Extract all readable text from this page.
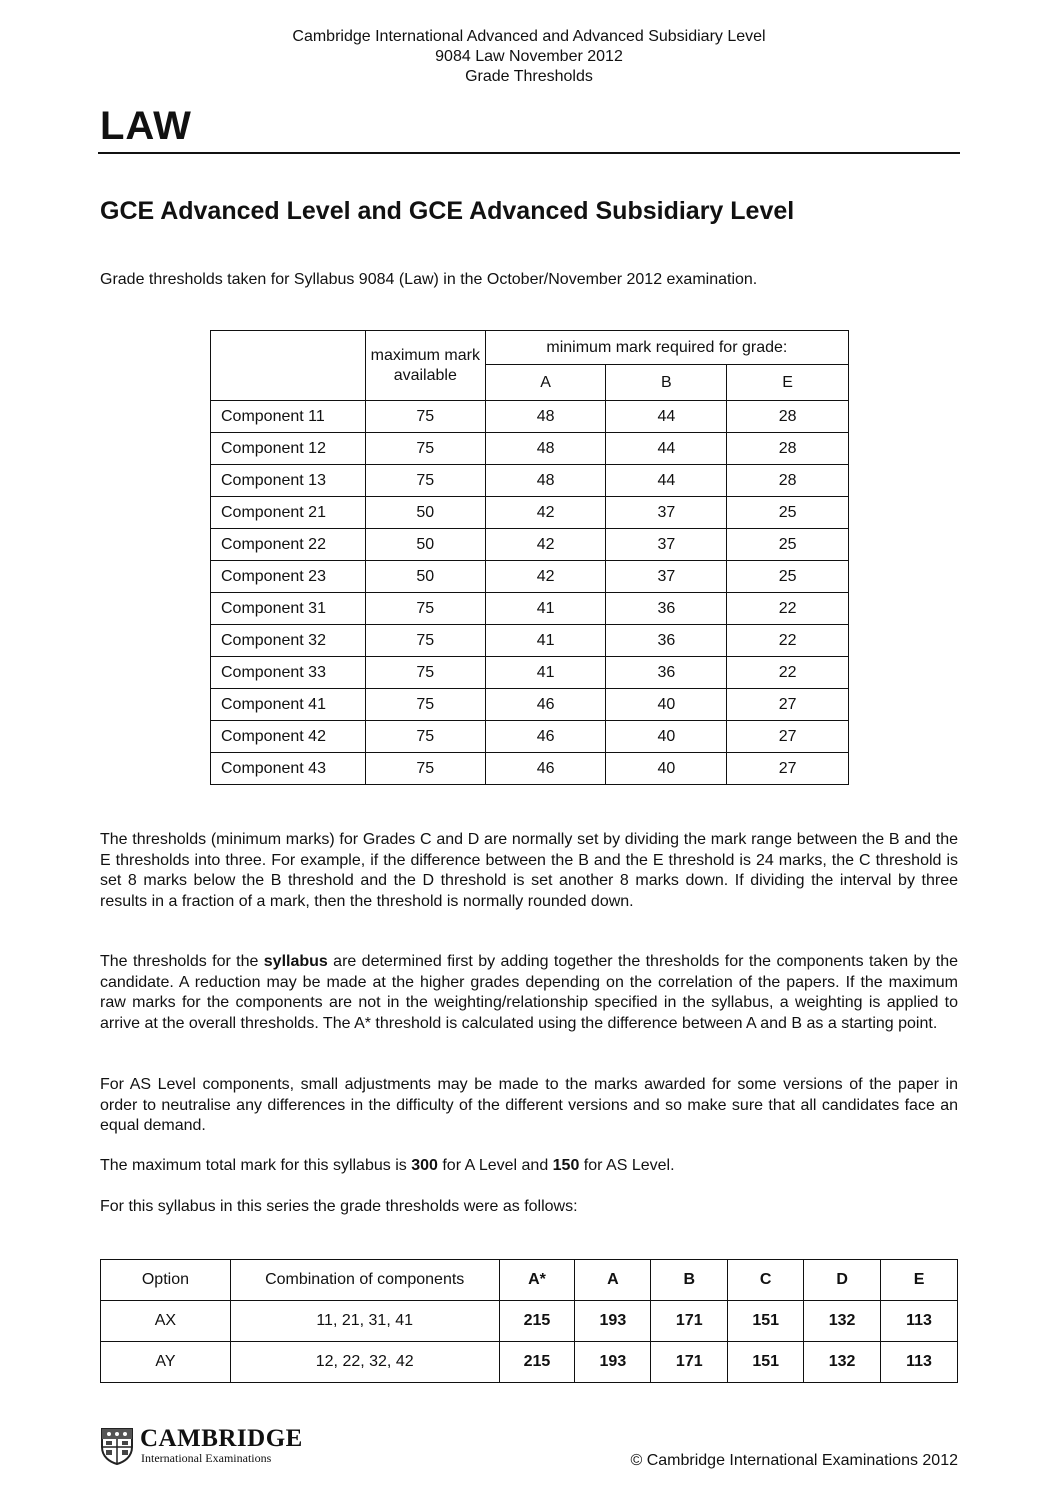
Cambridge International Advanced and Advanced Subsidiary Level
9084 Law November 2012
Grade Thresholds
LAW
GCE Advanced Level and GCE Advanced Subsidiary Level
Grade thresholds taken for Syllabus 9084 (Law) in the October/November 2012 examination.
	maximum mark available	minimum mark required for grade:		
		A	B	E
Component 11	75	48	44	28
Component 12	75	48	44	28
Component 13	75	48	44	28
Component 21	50	42	37	25
Component 22	50	42	37	25
Component 23	50	42	37	25
Component 31	75	41	36	22
Component 32	75	41	36	22
Component 33	75	41	36	22
Component 41	75	46	40	27
Component 42	75	46	40	27
Component 43	75	46	40	27
The thresholds (minimum marks) for Grades C and D are normally set by dividing the mark range between the B and the E thresholds into three. For example, if the difference between the B and the E threshold is 24 marks, the C threshold is set 8 marks below the B threshold and the D threshold is set another 8 marks down. If dividing the interval by three results in a fraction of a mark, then the threshold is normally rounded down.
The thresholds for the syllabus are determined first by adding together the thresholds for the components taken by the candidate. A reduction may be made at the higher grades depending on the correlation of the papers. If the maximum raw marks for the components are not in the weighting/relationship specified in the syllabus, a weighting is applied to arrive at the overall thresholds. The A* threshold is calculated using the difference between A and B as a starting point.
For AS Level components, small adjustments may be made to the marks awarded for some versions of the paper in order to neutralise any differences in the difficulty of the different versions and so make sure that all candidates face an equal demand.
The maximum total mark for this syllabus is 300 for A Level and 150 for AS Level.
For this syllabus in this series the grade thresholds were as follows:
Option	Combination of components	A*	A	B	C	D	E
AX	11, 21, 31, 41	215	193	171	151	132	113
AY	12, 22, 32, 42	215	193	171	151	132	113
CAMBRIDGE
International Examinations	© Cambridge International Examinations 2012
